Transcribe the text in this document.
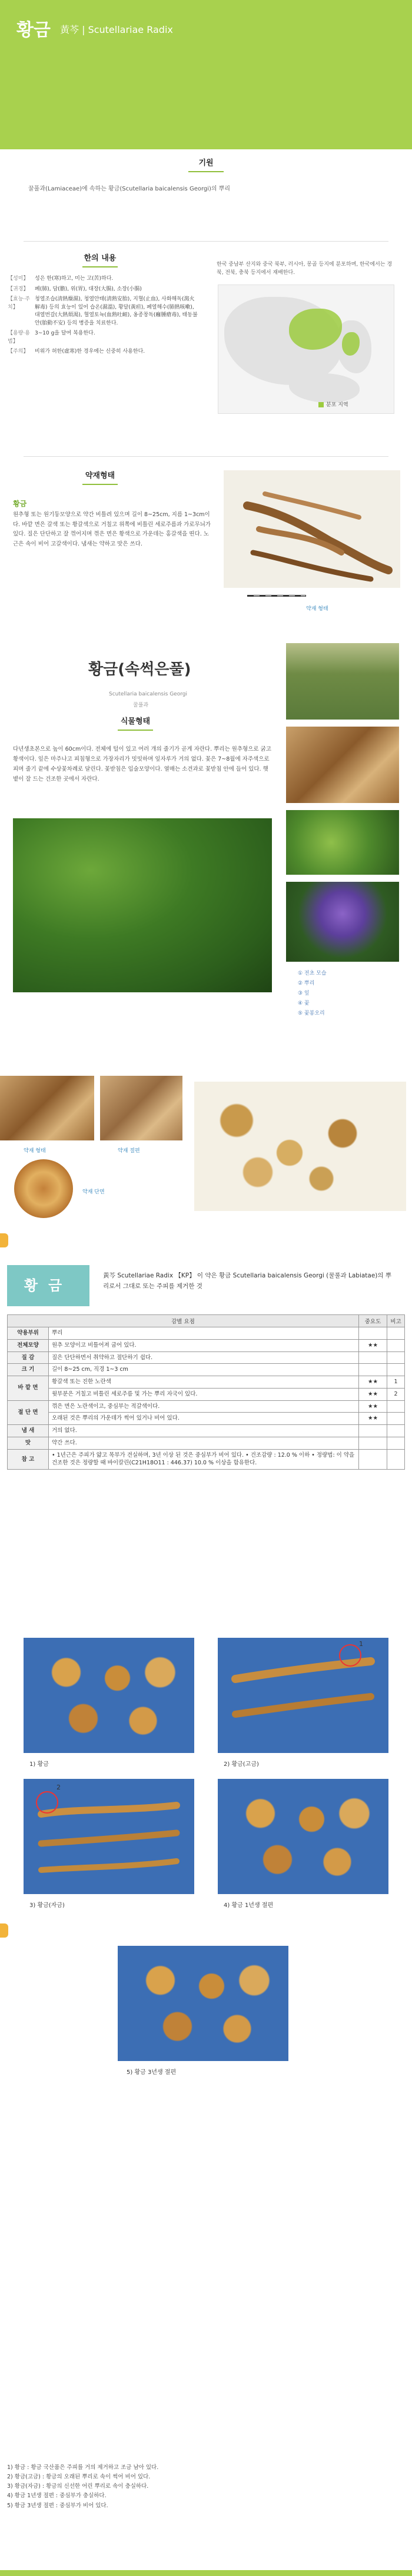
황금 黃芩 | Scutellariae Radix
기원
꿀풀과(Lamiaceae)에 속하는 황금(Scutellaria baicalensis Georgi)의 뿌리
한의 내용
【성미】	성은 한(寒)하고, 미는 고(苦)하다.
【귀경】	폐(肺), 담(膽), 위(胃), 대장(大腸), 소장(小腸)
【효능·주치】	청열조습(淸熱燥濕), 청열안태(淸熱安胎), 지혈(止血), 사화해독(瀉火解毒) 등의 효능이 있어 습온(濕溫), 황달(黃疸), 폐열해수(肺熱咳嗽), 대열번갈(大熱煩渴), 혈열토뉵(血熱吐衄), 옹종창독(癰腫瘡毒), 태동불안(胎動不安) 등의 병증을 치료한다.
【용량·용법】	3~10 g을 달여 복용한다.
【주의】	비위가 허한(虛寒)한 경우에는 신중히 사용한다.
한국 중남부 산지와 중국 북부, 러시아, 몽골 등지에 분포하며, 한국에서는 경북, 전북, 충북 등지에서 재배한다.
분포 지역
약재형태
황금
원추형 또는 원기둥모양으로 약간 비틀려 있으며 길이 8~25cm, 지름 1~3cm이다. 바깥 면은 갈색 또는 황갈색으로 거칠고 위쪽에 비틀린 세로주름과 가로무늬가 있다. 질은 단단하고 잘 꺾어지며 꺾은 면은 황색으로 가운데는 홍갈색을 띤다. 노근은 속이 비어 고갈색이다. 냄새는 약하고 맛은 쓰다.
약재 형태
황금(속썩은풀)
Scutellaria baicalensis Georgi
꿀풀과
식물형태
다년생초본으로 높이 60cm이다. 전체에 털이 있고 여러 개의 줄기가 곧게 자란다. 뿌리는 원추형으로 굵고 황색이다. 잎은 마주나고 피침형으로 가장자리가 밋밋하며 잎자루가 거의 없다. 꽃은 7~8월에 자주색으로 피며 줄기 끝에 수상꽃차례로 달린다. 꽃받침은 입술모양이다. 열매는 소견과로 꽃받침 안에 들어 있다. 햇볕이 잘 드는 건조한 곳에서 자란다.
① 전초 모습
② 뿌리
③ 잎
④ 꽃
⑤ 꽃봉오리
약재 형태	약재 절편
약재 단면
황금
黃芩 Scutellariae Radix 【KP】 이 약은 황금 Scutellaria baicalensis Georgi (꿀풀과 Labiatae)의 뿌리로서 그대로 또는 주피를 제거한 것
감별 요점		중요도	비고
약용부위	뿌리		
전체모양	원추 모양이고 비틀어져 굽어 있다.	★★	
질 감	질은 단단하면서 취약하고 절단하기 쉽다.		
크 기	길이 8~25 cm, 직경 1~3 cm		
바 깥 면	황갈색 또는 진한 노란색	★★	1
	윗부분은 거칠고 비틀린 세로주름 및 가는 뿌리 자국이 있다.	★★	2
절 단 면	꺾은 면은 노란색이고, 중심부는 적갈색이다.	★★	
	오래된 것은 뿌리의 가운데가 썩어 있거나 비어 있다.	★★	
냄 새	거의 없다.		
맛	약간 쓰다.		
참 고	• 1년근은 주피가 얇고 목부가 견실하며, 3년 이상 된 것은 중심부가 비어 있다. • 건조감량 : 12.0 % 이하 • 정량법: 이 약을 건조한 것은 정량할 때 바이칼린(C21H18O11 : 446.37) 10.0 % 이상을 함유한다.		
1) 황금
1
2) 황금(고금)
2
3) 황금(자금)	4) 황금 1년생 절편
5) 황금 3년생 절편
1) 황금 : 황금 국산품은 주피를 거의 제거하고 조금 남아 있다.
2) 황금(고금) : 황금의 오래된 뿌리로 속이 썩어 비어 있다.
3) 황금(자금) : 황금의 신선한 어린 뿌리로 속이 충실하다.
4) 황금 1년생 절편 : 중심부가 충실하다.
5) 황금 3년생 절편 : 중심부가 비어 있다.
